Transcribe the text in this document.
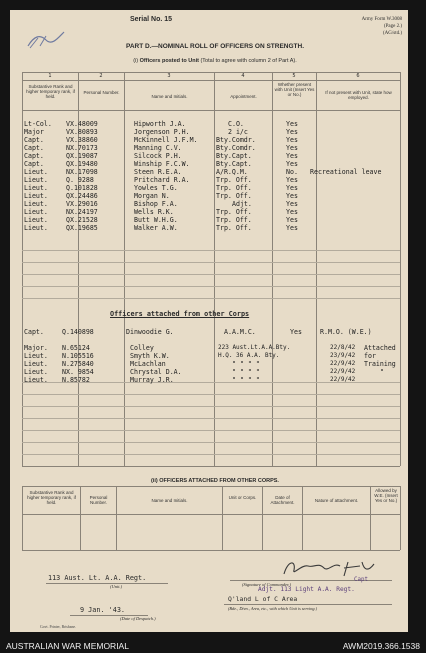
Serial No. 15	Army Form W.3008
(Page 2.)
(AG/std.)
PART D.—NOMINAL ROLL OF OFFICERS ON STRENGTH.
(i) Officers posted to Unit (Total to agree with column 2 of Part A).
1	2	3	4	5	6
Substantive Rank and higher temporary rank, if held.
Personal Number.
Name and Initials.	Appointment.
Whether present with Unit (Insert Yes or No.)	If not present with Unit, state how employed.
Lt-Col. VX.48009	Hipworth J.A.	C.O.	Yes
Major	VX.80893	Jorgenson P.H.	2 i/c	Yes
Capt.	VX.38860	McKinnell J.F.M.	Bty.Comdr.	Yes
Capt.	NX.70173	Manning C.V.	Bty.Comdr.	Yes
Capt.	QX.19087	Silcock P.H.	Bty.Capt.	Yes
Capt.	QX.19480	Winship F.C.W.	Bty.Capt.	Yes
Lieut.	NX.17098	Steen R.E.A.	A/R.Q.M.	No. Recreational leave
Lieut.	Q. 9288	Pritchard R.A.	Trp. Off.	Yes
Lieut.	Q.101828	Yowles T.G.	Trp. Off.	Yes
Lieut.	QX.24486	Morgan N.	Trp. Off.	Yes
Lieut.	VX.29016	Bishop F.A.	Adjt.	Yes
Lieut.	NX.24197	Wells R.K.	Trp. Off.	Yes
Lieut.	QX.21528	Butt W.H.G.	Trp. Off.	Yes
Lieut.	QX.19685	Walker A.W.	Trp. Off.	Yes
Officers attached from other Corps
Capt.	Q.140898	Dinwoodie G.	A.A.M.C.	Yes	R.M.O. (W.E.)
Major. N.65124	Colley	223 Aust.Lt.A.A.Bty.	22/8/42 Attached
Lieut. N.105516	Smyth K.W.	H.Q. 36 A.A. Bty.	23/9/42 for
Lieut. N.275840	McLachlan	" " " "	22/9/42 Training
Lieut. NX. 9854	Chrystal D.A.	" " " "	22/9/42	"
Lieut. N.85782	Murray J.R.	" " " "	22/9/42
(ii) OFFICERS ATTACHED FROM OTHER CORPS.
Substantive Rank and higher temporary rank, if held.
Personal Number.	Name and Initials.
Unit or Corps.	Date of Attachment.	Nature of attachment.
Allowed by W.E. (Insert Yes or No.)
(Signature of Commander.)
Capt
Adjt. 113 Light A.A. Regt.
Q'land L of C Area
(Bde., Divn., Area, etc., with which Unit is serving.)
113 Aust. Lt. A.A. Regt.
(Unit.)
9 Jan. '43.
(Date of Despatch.)
Govt. Printer, Brisbane.
AUSTRALIAN WAR MEMORIAL	AWM2019.366.1538
